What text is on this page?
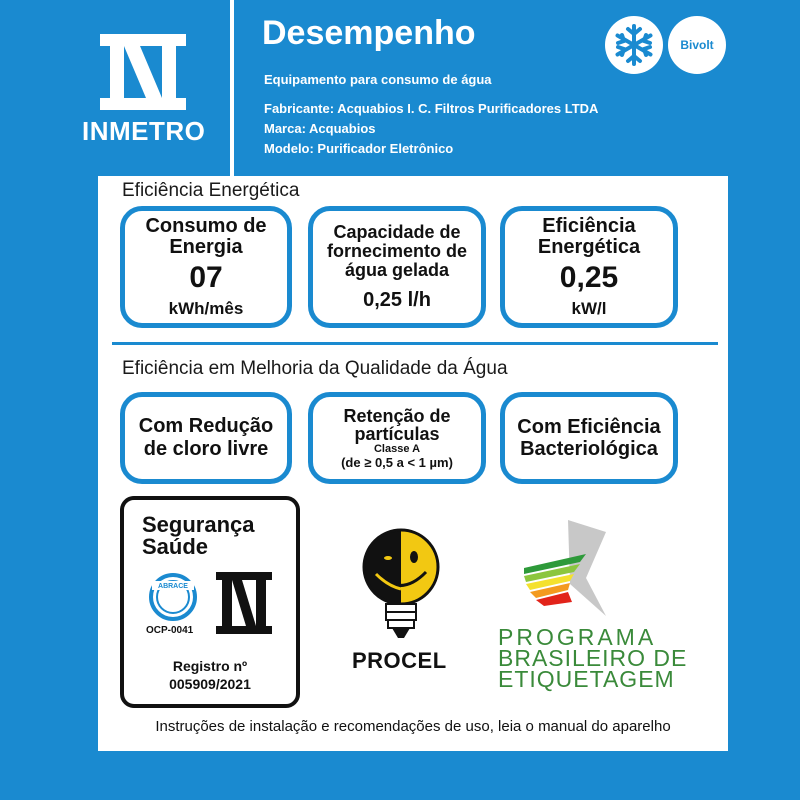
INMETRO
Desempenho
Equipamento para consumo de água
Fabricante: Acquabios I. C. Filtros Purificadores LTDA
Marca: Acquabios
Modelo: Purificador Eletrônico
Bivolt
Eficiência Energética
Consumo de Energia
07
kWh/mês
Capacidade de fornecimento de água gelada
0,25 l/h
Eficiência Energética
0,25
kW/l
Eficiência em Melhoria da Qualidade da Água
Com Redução de cloro livre
Retenção de partículas
Classe A
(de ≥ 0,5 a < 1 µm)
Com Eficiência Bacteriológica
Segurança
Saúde
ABRACE
OCP-0041
Registro nº
005909/2021
PROCEL
PROGRAMA
BRASILEIRO DE
ETIQUETAGEM
Instruções de instalação e recomendações de uso, leia o manual do aparelho
